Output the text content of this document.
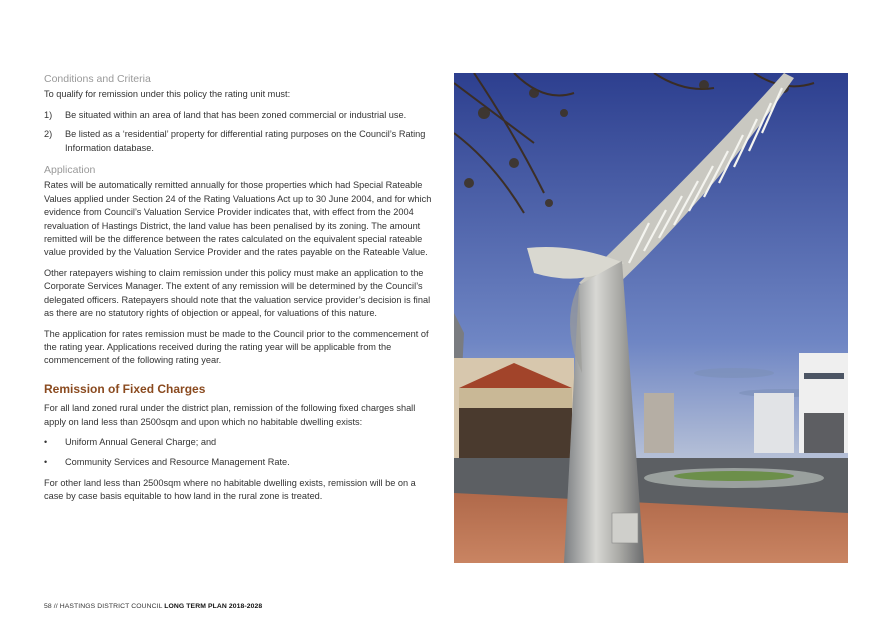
Conditions and Criteria

To qualify for remission under this policy the rating unit must:

1)	Be situated within an area of land that has been zoned commercial or industrial use.
2)	Be listed as a ‘residential’ property for differential rating purposes on the Council’s Rating Information database.
Application

Rates will be automatically remitted annually for those properties which had Special Rateable Values applied under Section 24 of the Rating Valuations Act up to 30 June 2004, and for which evidence from Council’s Valuation Service Provider indicates that, with effect from the 2004 revaluation of Hastings District, the land value has been penalised by its zoning. The amount remitted will be the difference between the rates calculated on the equivalent special rateable value provided by the Valuation Service Provider and the rates payable on the Rateable Value.

Other ratepayers wishing to claim remission under this policy must make an application to the Corporate Services Manager. The extent of any remission will be determined by the Council’s delegated officers. Ratepayers should note that the valuation service provider’s decision is final as there are no statutory rights of objection or appeal, for valuations of this nature.

The application for rates remission must be made to the Council prior to the commencement of the rating year. Applications received during the rating year will be applicable from the commencement of the following rating year.

Remission of Fixed Charges

For all land zoned rural under the district plan, remission of the following fixed charges shall apply on land less than 2500sqm and upon which no habitable dwelling exists:

•	Uniform Annual General Charge; and
•	Community Services and Resource Management Rate.

For other land less than 2500sqm where no habitable dwelling exists, remission will be on a case by case basis equitable to how land in the rural zone is treated.

58 // HASTINGS DISTRICT COUNCIL LONG TERM PLAN 2018-2028
